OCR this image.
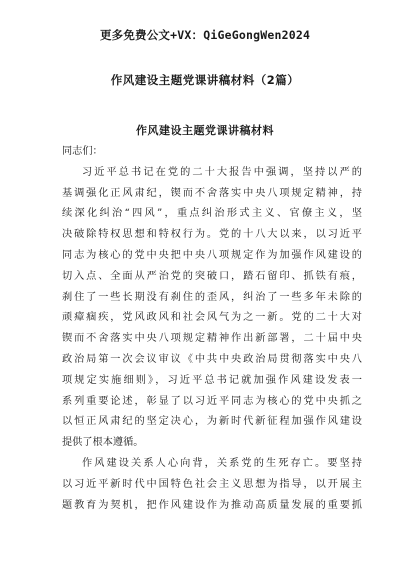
更多免费公文+VX：QiGeGongWen2024
作风建设主题党课讲稿材料（2篇）
作风建设主题党课讲稿材料
同志们：

习近平总书记在党的二十大报告中强调，坚持以严的
基调强化正风肃纪，锲而不舍落实中央八项规定精神，持
续深化纠治“四风”，重点纠治形式主义、官僚主义，坚
决破除特权思想和特权行为。党的十八大以来，以习近平
同志为核心的党中央把中央八项规定作为加强作风建设的
切入点、全面从严治党的突破口，踏石留印、抓铁有痕，
刹住了一些长期没有刹住的歪风，纠治了一些多年未除的
顽瘴痼疾，党风政风和社会风气为之一新。党的二十大对
锲而不舍落实中央八项规定精神作出新部署，二十届中央
政治局第一次会议审议《中共中央政治局贯彻落实中央八
项规定实施细则》，习近平总书记就加强作风建设发表一
系列重要论述，彰显了以习近平同志为核心的党中央抓之
以恒正风肃纪的坚定决心，为新时代新征程加强作风建设
提供了根本遵循。

作风建设关系人心向背，关系党的生死存亡。要坚持
以习近平新时代中国特色社会主义思想为指导，以开展主
题教育为契机，把作风建设作为推动高质量发展的重要抓
